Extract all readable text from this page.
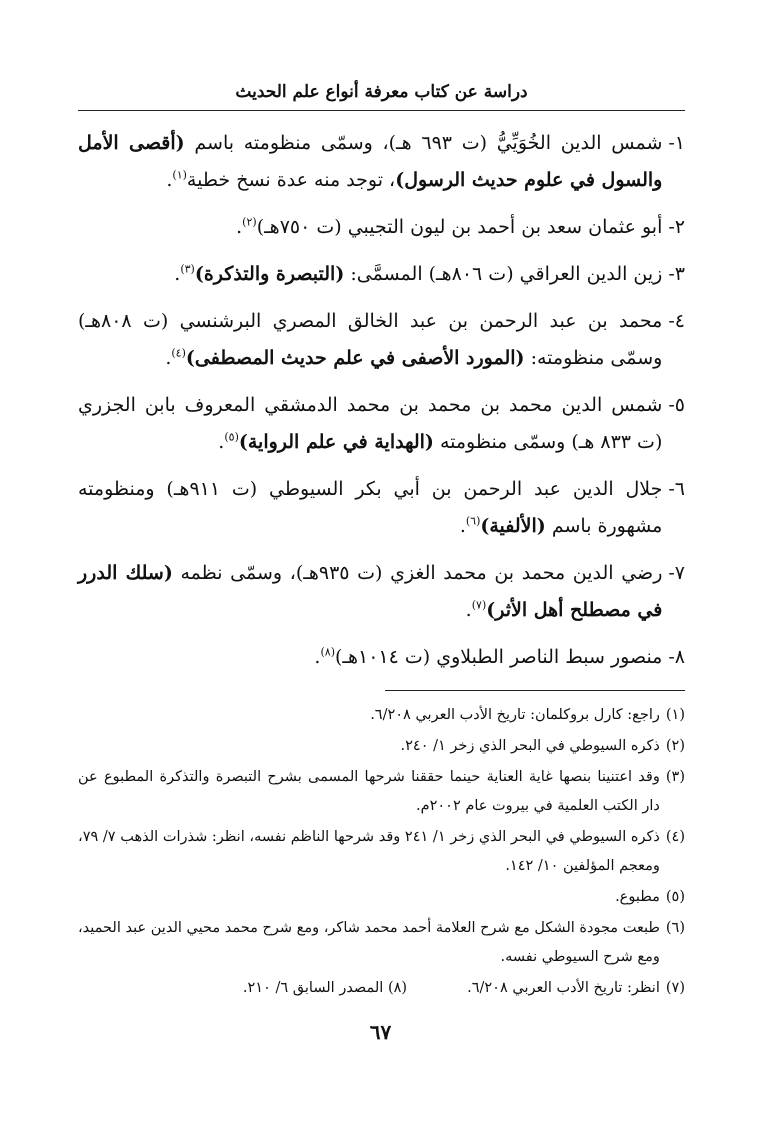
دراسة عن كتاب معرفة أنواع علم الحديث
١-
شمس الدين الخُوَيِّيُّ (ت ٦٩٣ هـ)، وسمّى منظومته باسم (أقصى الأمل والسول في علوم حديث الرسول)، توجد منه عدة نسخ خطية$^{(١)}$.
٢-
أبو عثمان سعد بن أحمد بن ليون التجيبي (ت ٧٥٠هـ)$^{(٢)}$.
٣-
زين الدين العراقي (ت ٨٠٦هـ) المسمَّى: (التبصرة والتذكرة)$^{(٣)}$.
٤-
محمد بن عبد الرحمن بن عبد الخالق المصري البرشنسي (ت ٨٠٨هـ) وسمّى منظومته: (المورد الأصفى في علم حديث المصطفى)$^{(٤)}$.
٥-
شمس الدين محمد بن محمد بن محمد الدمشقي المعروف بابن الجزري (ت ٨٣٣ هـ) وسمّى منظومته (الهداية في علم الرواية)$^{(٥)}$.
٦-
جلال الدين عبد الرحمن بن أبي بكر السيوطي (ت ٩١١هـ) ومنظومته مشهورة باسم (الألفية)$^{(٦)}$.
٧-
رضي الدين محمد بن محمد الغزي (ت ٩٣٥هـ)، وسمّى نظمه (سلك الدرر في مصطلح أهل الأثر)$^{(٧)}$.
٨-
منصور سبط الناصر الطبلاوي (ت ١٠١٤هـ)$^{(٨)}$.
(١)
راجع: كارل بروكلمان: تاريخ الأدب العربي ٦/٢٠٨.
(٢)
ذكره السيوطي في البحر الذي زخر ١/ ٢٤٠.
(٣)
وقد اعتنينا بنصها غاية العناية حينما حققنا شرحها المسمى بشرح التبصرة والتذكرة المطبوع عن دار الكتب العلمية في بيروت عام ٢٠٠٢م.
(٤)
ذكره السيوطي في البحر الذي زخر ١/ ٢٤١ وقد شرحها الناظم نفسه، انظر: شذرات الذهب ٧/ ٧٩، ومعجم المؤلفين ١٠/ ١٤٢.
(٥)
مطبوع.
(٦)
طبعت مجودة الشكل مع شرح العلامة أحمد محمد شاكر، ومع شرح محمد محيي الدين عبد الحميد، ومع شرح السيوطي نفسه.
(٧)
انظر: تاريخ الأدب العربي ٦/٢٠٨.(٨) المصدر السابق ٦/ ٢١٠.
٦٧
